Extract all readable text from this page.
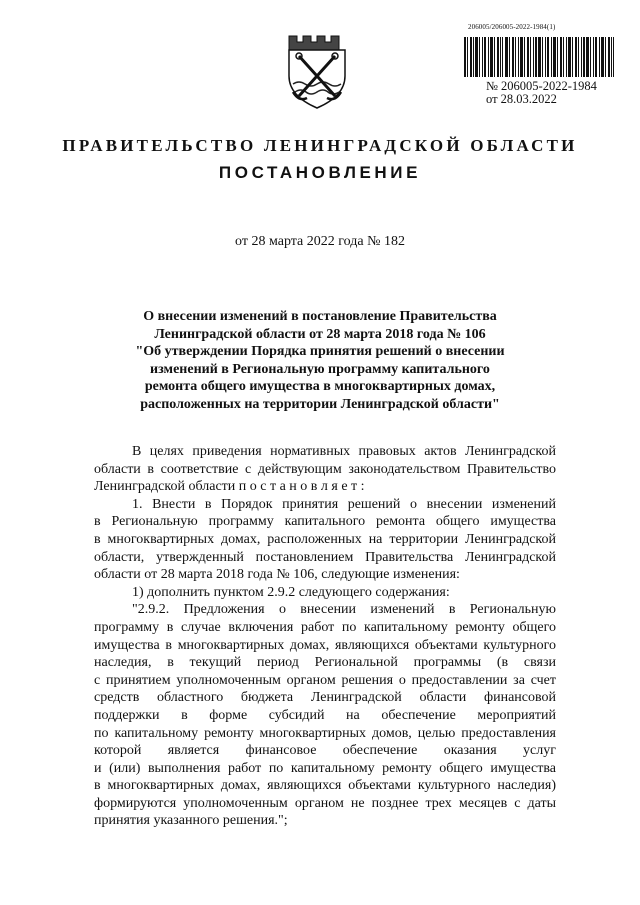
206005/206005-2022-1984(1)
№ 206005-2022-1984
от 28.03.2022
ПРАВИТЕЛЬСТВО ЛЕНИНГРАДСКОЙ ОБЛАСТИ
ПОСТАНОВЛЕНИЕ
от 28 марта 2022 года № 182
О внесении изменений в постановление Правительства
Ленинградской области от 28 марта 2018 года № 106
"Об утверждении Порядка принятия решений о внесении
изменений в Региональную программу капитального
ремонта общего имущества в многоквартирных домах,
расположенных на территории Ленинградской области"
В целях приведения нормативных правовых актов Ленинградской
области в соответствие с действующим законодательством Правительство
Ленинградской области п о с т а н о в л я е т :
1. Внести в Порядок принятия решений о внесении изменений
в Региональную программу капитального ремонта общего имущества
в многоквартирных домах, расположенных на территории Ленинградской
области, утвержденный постановлением Правительства Ленинградской
области от 28 марта 2018 года № 106, следующие изменения:
1) дополнить пунктом 2.9.2 следующего содержания:
"2.9.2. Предложения о внесении изменений в Региональную
программу в случае включения работ по капитальному ремонту общего
имущества в многоквартирных домах, являющихся объектами культурного
наследия, в текущий период Региональной программы (в связи
с принятием уполномоченным органом решения о предоставлении за счет
средств областного бюджета Ленинградской области финансовой
поддержки в форме субсидий на обеспечение мероприятий
по капитальному ремонту многоквартирных домов, целью предоставления
которой является финансовое обеспечение оказания услуг
и (или) выполнения работ по капитальному ремонту общего имущества
в многоквартирных домах, являющихся объектами культурного наследия)
формируются уполномоченным органом не позднее трех месяцев с даты
принятия указанного решения.";
